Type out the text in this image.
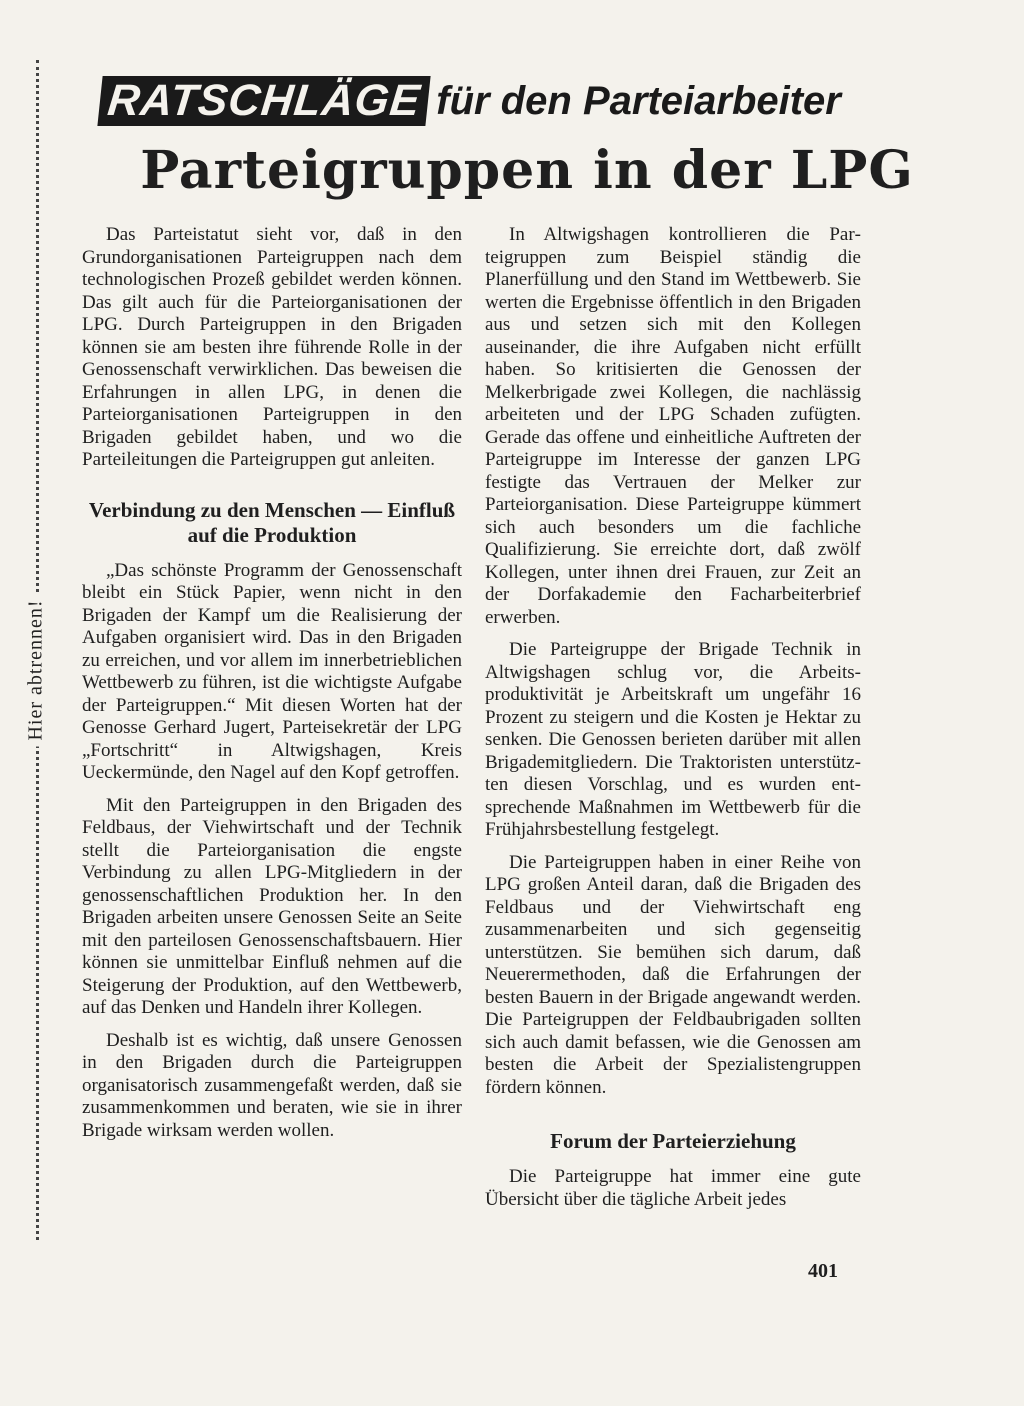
Hier abtrennen!
RATSCHLÄGE für den Parteiarbeiter
Parteigruppen in der LPG

Das Parteistatut sieht vor, daß in den Grundorganisationen Parteigruppen nach dem technologischen Prozeß gebildet werden können. Das gilt auch für die Parteiorganisationen der LPG. Durch Parteigruppen in den Brigaden können sie am besten ihre führende Rolle in der Genossenschaft verwirklichen. Das beweisen die Erfahrungen in allen LPG, in denen die Parteiorganisationen Parteigruppen in den Brigaden gebildet haben, und wo die Parteileitungen die Parteigruppen gut anleiten.

Verbindung zu den Menschen — Einfluß auf die Produktion

„Das schönste Programm der Genossenschaft bleibt ein Stück Papier, wenn nicht in den Brigaden der Kampf um die Realisierung der Aufgaben organisiert wird. Das in den Brigaden zu erreichen, und vor allem im innerbetrieblichen Wettbewerb zu führen, ist die wichtigste Aufgabe der Parteigruppen.“ Mit diesen Worten hat der Genosse Gerhard Jugert, Parteisekretär der LPG „Fortschritt“ in Altwigshagen, Kreis Ueckermünde, den Nagel auf den Kopf getroffen.

Mit den Parteigruppen in den Brigaden des Feldbaus, der Viehwirtschaft und der Technik stellt die Parteiorganisation die engste Verbindung zu allen LPG-Mitgliedern in der genossenschaftlichen Produktion her. In den Brigaden arbeiten unsere Genossen Seite an Seite mit den parteilosen Genossenschaftsbauern. Hier können sie unmittelbar Einfluß nehmen auf die Steigerung der Produktion, auf den Wettbewerb, auf das Denken und Handeln ihrer Kollegen.

Deshalb ist es wichtig, daß unsere Genossen in den Brigaden durch die Parteigruppen organisatorisch zusammengefaßt werden, daß sie zusammenkommen und beraten, wie sie in ihrer Brigade wirksam werden wollen.

In Altwigshagen kontrollieren die Parteigruppen zum Beispiel ständig die Planerfüllung und den Stand im Wettbewerb. Sie werten die Ergebnisse öffentlich in den Brigaden aus und setzen sich mit den Kollegen auseinander, die ihre Aufgaben nicht erfüllt haben. So kritisierten die Genossen der Melkerbrigade zwei Kollegen, die nachlässig arbeiteten und der LPG Schaden zufügten. Gerade das offene und einheitliche Auftreten der Parteigruppe im Interesse der ganzen LPG festigte das Vertrauen der Melker zur Parteiorganisation. Diese Parteigruppe kümmert sich auch besonders um die fachliche Qualifizierung. Sie erreichte dort, daß zwölf Kollegen, unter ihnen drei Frauen, zur Zeit an der Dorfakademie den Facharbeiterbrief erwerben.

Die Parteigruppe der Brigade Technik in Altwigshagen schlug vor, die Arbeitsproduktivität je Arbeitskraft um ungefähr 16 Prozent zu steigern und die Kosten je Hektar zu senken. Die Genossen berieten darüber mit allen Brigademitgliedern. Die Traktoristen unterstützten diesen Vorschlag, und es wurden entsprechende Maßnahmen im Wettbewerb für die Frühjahrsbestellung festgelegt.

Die Parteigruppen haben in einer Reihe von LPG großen Anteil daran, daß die Brigaden des Feldbaus und der Viehwirtschaft eng zusammenarbeiten und sich gegenseitig unterstützen. Sie bemühen sich darum, daß Neuerermethoden, daß die Erfahrungen der besten Bauern in der Brigade angewandt werden. Die Parteigruppen der Feldbaubrigaden sollten sich auch damit befassen, wie die Genossen am besten die Arbeit der Spezialistengruppen fördern können.

Forum der Parteierziehung

Die Parteigruppe hat immer eine gute Übersicht über die tägliche Arbeit jedes

401
